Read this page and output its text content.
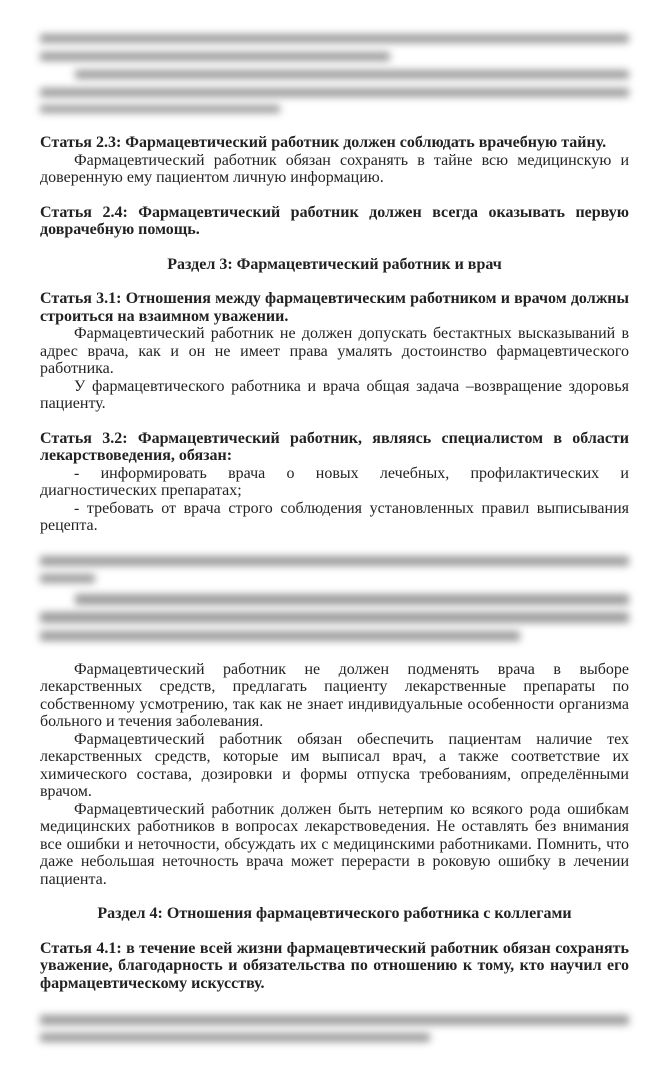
Статья 2.3: Фармацевтический работник должен соблюдать врачебную тайну.
Фармацевтический работник обязан сохранять в тайне всю медицинскую и доверенную ему пациентом личную информацию.
Статья 2.4: Фармацевтический работник должен всегда оказывать первую доврачебную помощь.
Раздел 3: Фармацевтический работник и врач
Статья 3.1: Отношения между фармацевтическим работником и врачом должны строиться на взаимном уважении.
Фармацевтический работник не должен допускать бестактных высказываний в адрес врача, как и он не имеет права умалять достоинство фармацевтического работника.
У фармацевтического работника и врача общая задача –возвращение здоровья пациенту.
Статья 3.2: Фармацевтический работник, являясь специалистом в области лекарствоведения, обязан:
- информировать врача о новых лечебных, профилактических и диагностических препаратах;
- требовать от врача строго соблюдения установленных правил выписывания рецепта.
Фармацевтический работник не должен подменять врача в выборе лекарственных средств, предлагать пациенту лекарственные препараты по собственному усмотрению, так как не знает индивидуальные особенности организма больного и течения заболевания.
Фармацевтический работник обязан обеспечить пациентам наличие тех лекарственных средств, которые им выписал врач, а также соответствие их химического состава, дозировки и формы отпуска требованиям, определёнными врачом.
Фармацевтический работник должен быть нетерпим ко всякого рода ошибкам медицинских работников в вопросах лекарствоведения. Не оставлять без внимания все ошибки и неточности, обсуждать их с медицинскими работниками. Помнить, что даже небольшая неточность врача может перерасти в роковую ошибку в лечении пациента.
Раздел 4: Отношения фармацевтического работника с коллегами
Статья 4.1: в течение всей жизни фармацевтический работник обязан сохранять уважение, благодарность и обязательства по отношению к тому, кто научил его фармацевтическому искусству.
